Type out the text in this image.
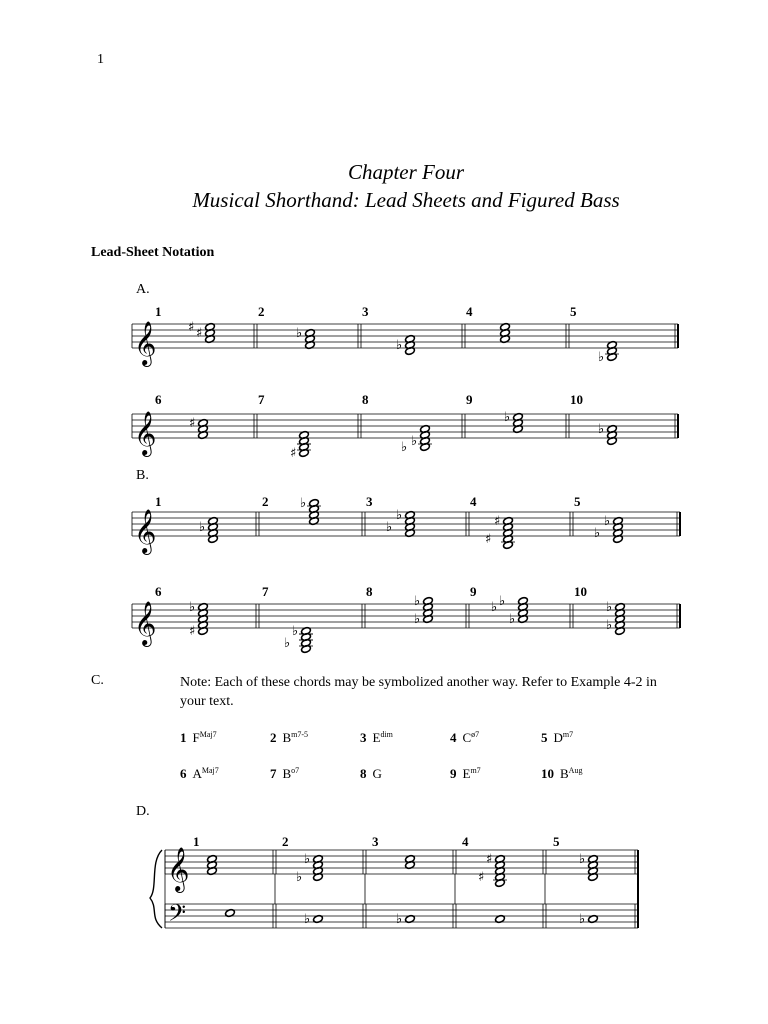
1
Chapter Four
Musical Shorthand: Lead Sheets and Figured Bass
Lead-Sheet Notation
A.
B.
C.
D.
Note: Each of these chords may be symbolized another way. Refer to Example 4-2 in your text.
1 $F^{Maj7}$	2 $B^{m7-5}$	3 $E^{dim}$	4 $C^{ø7}$	5 $D^{m7}$
6 $A^{Maj7}$	7 $B^{o7}$	8 G	9 $E^{m7}$	10 $B^{Aug}$
𝄞
1	2	3	4	5
♯ ♯	♭
♭
♭
𝄞
6	7	8	9	10
♯
♯
♭
♭
♭
♭
𝄞
1	2	3	4	5
♭
♭
♭
♭	♯
♯
♭
♭
𝄞
6	7	8	9	10
♭
♯	♭
♭
♭
♭
♭
♭
♭
♭
♭
𝄞
𝄢
1	2	3	4	5
♭
♭
♯
♯
♭
♭	♭	♭
